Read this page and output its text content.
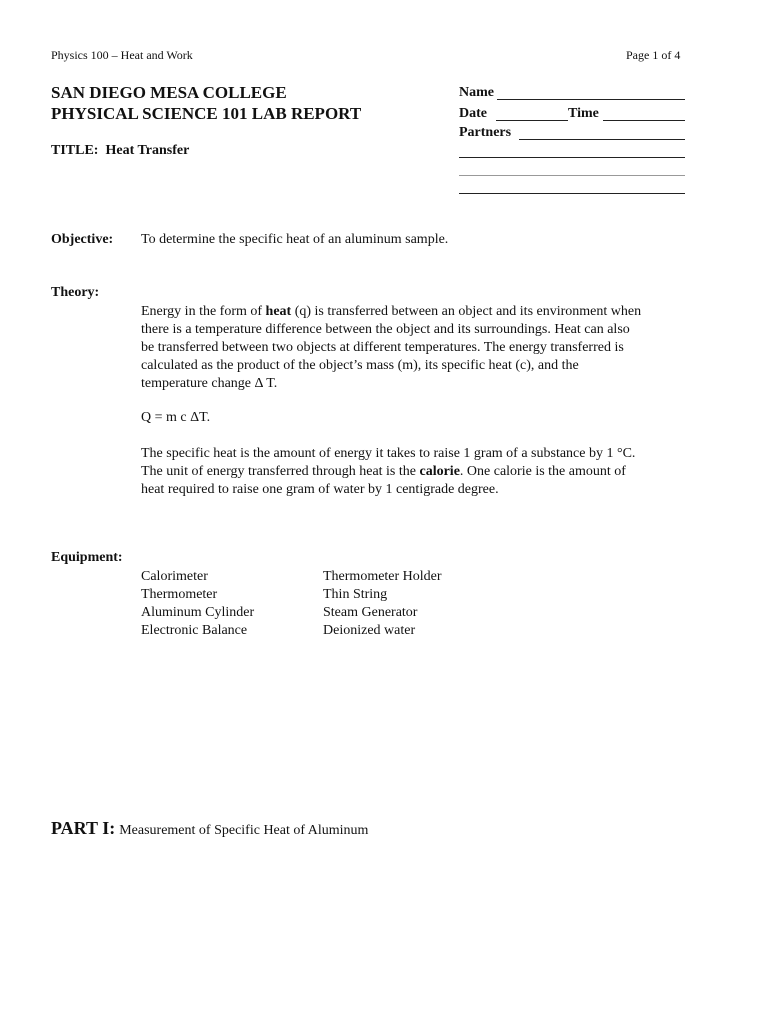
Physics 100 – Heat and Work	Page 1 of 4
SAN DIEGO MESA COLLEGE
PHYSICAL SCIENCE 101 LAB REPORT
TITLE: Heat Transfer
Name
Date	Time
Partners
Objective: To determine the specific heat of an aluminum sample.
Theory:
Energy in the form of heat (q) is transferred between an object and its environment when
there is a temperature difference between the object and its surroundings. Heat can also
be transferred between two objects at different temperatures. The energy transferred is
calculated as the product of the object’s mass (m), its specific heat (c), and the
temperature change Δ T.
Q = m c ΔT.
The specific heat is the amount of energy it takes to raise 1 gram of a substance by 1 °C.
The unit of energy transferred through heat is the calorie. One calorie is the amount of
heat required to raise one gram of water by 1 centigrade degree.
Equipment:
Calorimeter
Thermometer
Aluminum Cylinder
Electronic Balance
Thermometer Holder
Thin String
Steam Generator
Deionized water
PART I: Measurement of Specific Heat of Aluminum
